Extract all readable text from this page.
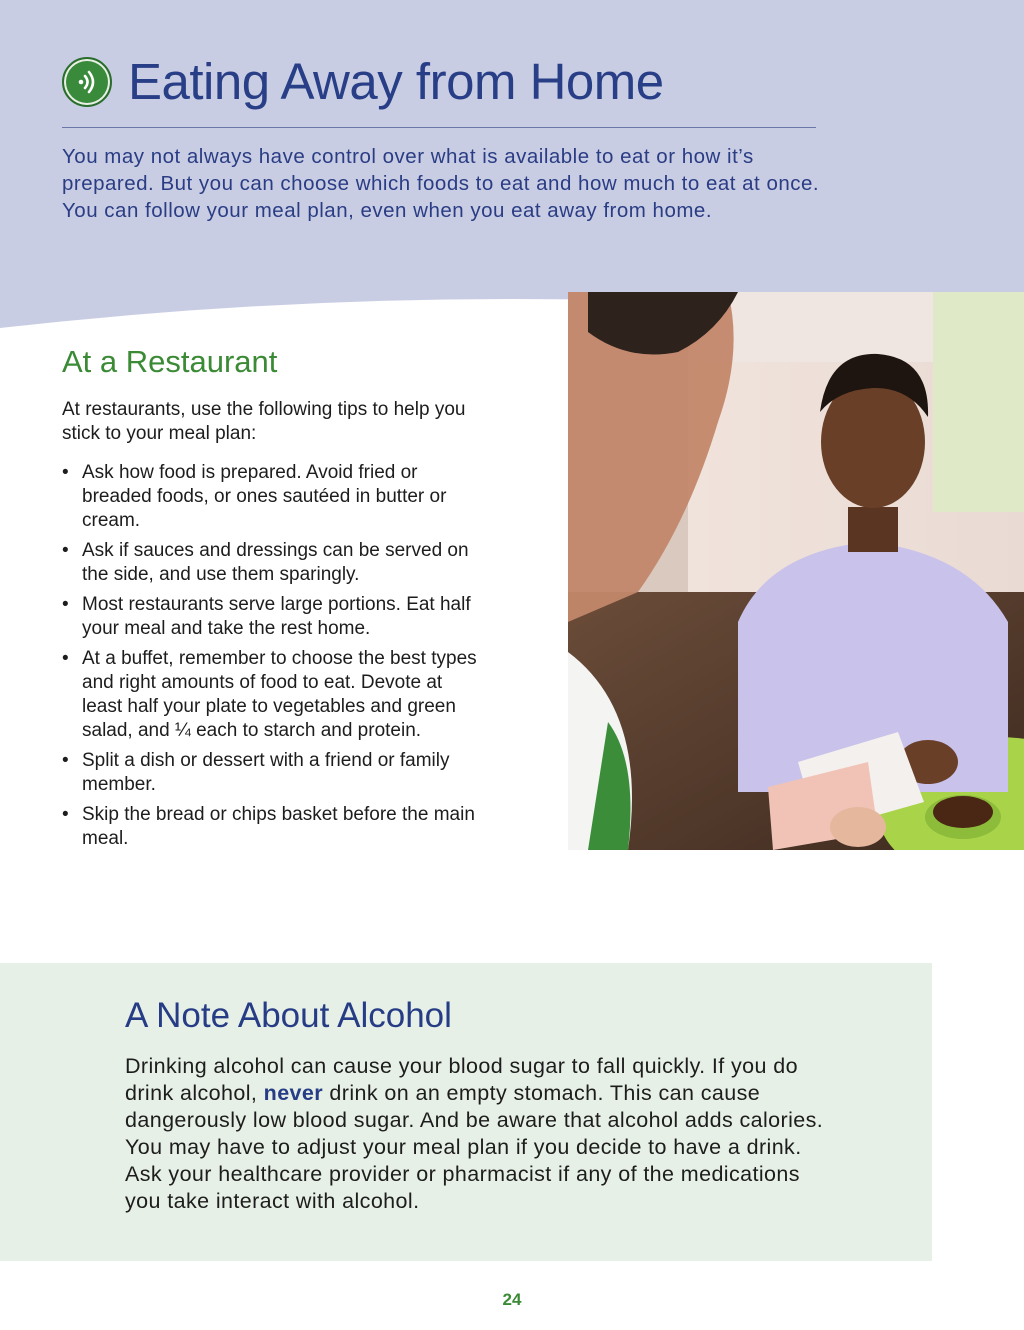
Eating Away from Home
You may not always have control over what is available to eat or how it’s prepared. But you can choose which foods to eat and how much to eat at once. You can follow your meal plan, even when you eat away from home.
At a Restaurant
At restaurants, use the following tips to help you stick to your meal plan:
• Ask how food is prepared. Avoid fried or breaded foods, or ones sautéed in butter or cream.
• Ask if sauces and dressings can be served on the side, and use them sparingly.
• Most restaurants serve large portions. Eat half your meal and take the rest home.
• At a buffet, remember to choose the best types and right amounts of food to eat. Devote at least half your plate to vegetables and green salad, and ¼ each to starch and protein.
• Split a dish or dessert with a friend or family member.
• Skip the bread or chips basket before the main meal.
A Note About Alcohol
Drinking alcohol can cause your blood sugar to fall quickly. If you do drink alcohol, never drink on an empty stomach. This can cause dangerously low blood sugar. And be aware that alcohol adds calories. You may have to adjust your meal plan if you decide to have a drink. Ask your healthcare provider or pharmacist if any of the medications you take interact with alcohol.
24
